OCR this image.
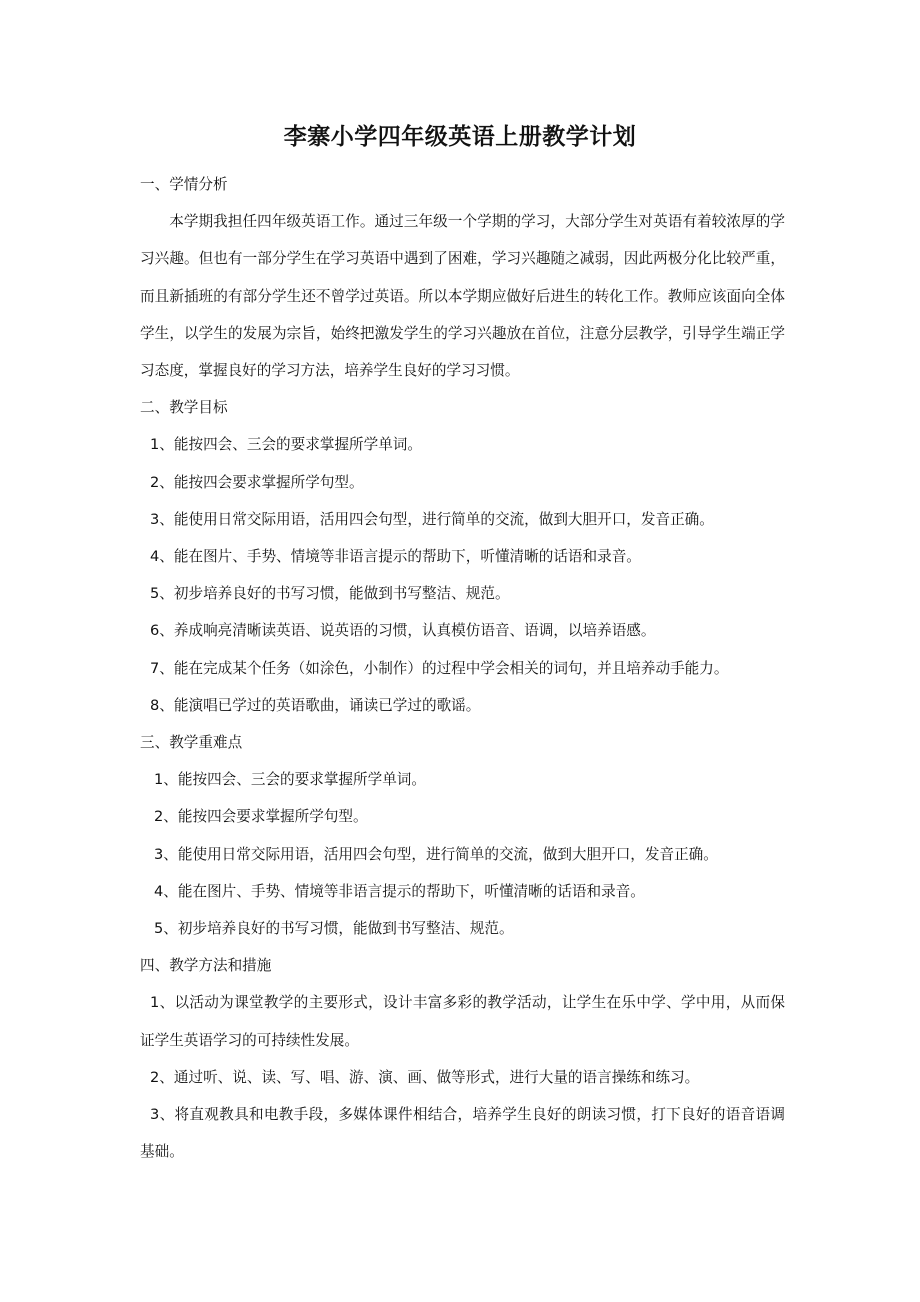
李寨小学四年级英语上册教学计划

一、学情分析

本学期我担任四年级英语工作。通过三年级一个学期的学习，大部分学生对英语有着较浓厚的学习兴趣。但也有一部分学生在学习英语中遇到了困难，学习兴趣随之减弱，因此两极分化比较严重，而且新插班的有部分学生还不曾学过英语。所以本学期应做好后进生的转化工作。教师应该面向全体学生，以学生的发展为宗旨，始终把激发学生的学习兴趣放在首位，注意分层教学，引导学生端正学习态度，掌握良好的学习方法，培养学生良好的学习习惯。

二、教学目标

1、能按四会、三会的要求掌握所学单词。

2、能按四会要求掌握所学句型。

3、能使用日常交际用语，活用四会句型，进行简单的交流，做到大胆开口，发音正确。

4、能在图片、手势、情境等非语言提示的帮助下，听懂清晰的话语和录音。

5、初步培养良好的书写习惯，能做到书写整洁、规范。

6、养成响亮清晰读英语、说英语的习惯，认真模仿语音、语调，以培养语感。

7、能在完成某个任务（如涂色，小制作）的过程中学会相关的词句，并且培养动手能力。

8、能演唱已学过的英语歌曲，诵读已学过的歌谣。

三、教学重难点

1、能按四会、三会的要求掌握所学单词。

2、能按四会要求掌握所学句型。

3、能使用日常交际用语，活用四会句型，进行简单的交流，做到大胆开口，发音正确。

4、能在图片、手势、情境等非语言提示的帮助下，听懂清晰的话语和录音。

5、初步培养良好的书写习惯，能做到书写整洁、规范。

四、教学方法和措施

1、以活动为课堂教学的主要形式，设计丰富多彩的教学活动，让学生在乐中学、学中用，从而保证学生英语学习的可持续性发展。

2、通过听、说、读、写、唱、游、演、画、做等形式，进行大量的语言操练和练习。

3、将直观教具和电教手段，多媒体课件相结合，培养学生良好的朗读习惯，打下良好的语音语调基础。
